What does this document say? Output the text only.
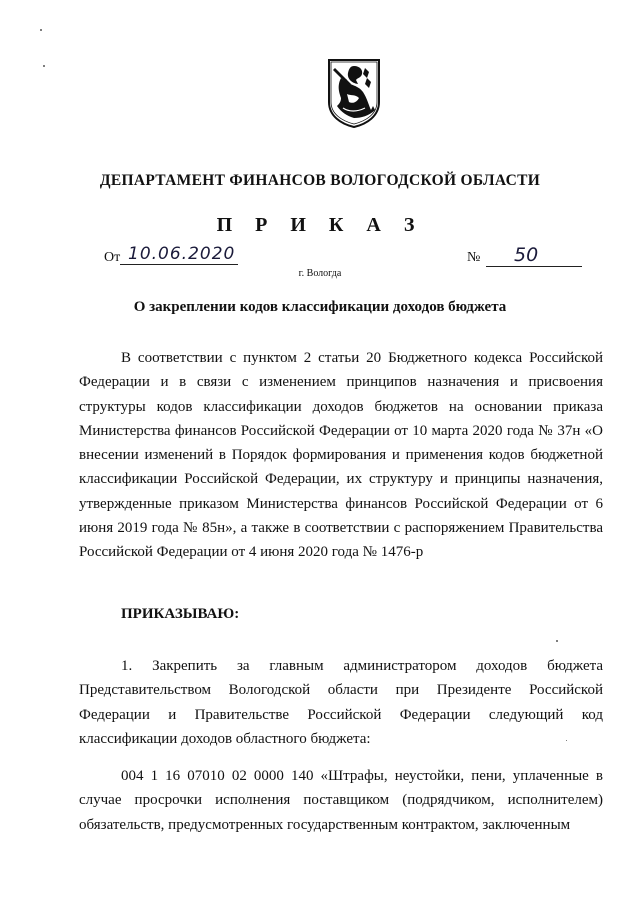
ДЕПАРТАМЕНТ ФИНАНСОВ ВОЛОГОДСКОЙ ОБЛАСТИ
П Р И К А З
От 10.06.2020	№ 50
г. Вологда
О закреплении кодов классификации доходов бюджета
В соответствии с пунктом 2 статьи 20 Бюджетного кодекса Российской Федерации и в связи с изменением принципов назначения и присвоения структуры кодов классификации доходов бюджетов на основании приказа Министерства финансов Российской Федерации от 10 марта 2020 года № 37н «О внесении изменений в Порядок формирования и применения кодов бюджетной классификации Российской Федерации, их структуру и принципы назначения, утвержденные приказом Министерства финансов Российской Федерации от 6 июня 2019 года № 85н», а также в соответствии с распоряжением Правительства Российской Федерации от 4 июня 2020 года № 1476-р
ПРИКАЗЫВАЮ:
1. Закрепить за главным администратором доходов бюджета Представительством Вологодской области при Президенте Российской Федерации и Правительстве Российской Федерации следующий код классификации доходов областного бюджета:
004 1 16 07010 02 0000 140 «Штрафы, неустойки, пени, уплаченные в случае просрочки исполнения поставщиком (подрядчиком, исполнителем) обязательств, предусмотренных государственным контрактом, заключенным
